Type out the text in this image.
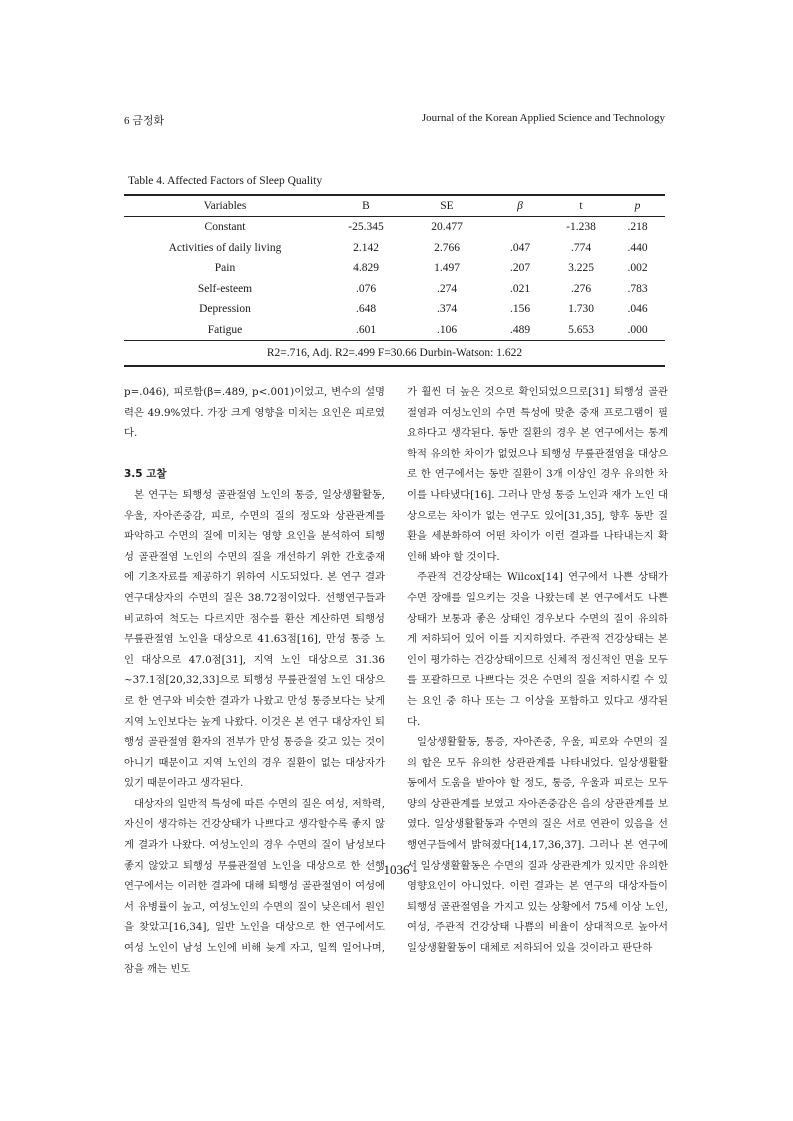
6 금정화	Journal of the Korean Applied Science and Technology
Table 4. Affected Factors of Sleep Quality
Variables	B	SE	β	t	p
Constant	-25.345	20.477		-1.238	.218
Activities of daily living	2.142	2.766	.047	.774	.440
Pain	4.829	1.497	.207	3.225	.002
Self-esteem	.076	.274	.021	.276	.783
Depression	.648	.374	.156	1.730	.046
Fatigue	.601	.106	.489	5.653	.000
R2=.716, Adj. R2=.499 F=30.66 Durbin-Watson: 1.622					

p=.046), 피로함(β=.489, p<.001)이었고, 변수의 설명력은 49.9%였다. 가장 크게 영향을 미치는 요인은 피로였다.

3.5 고찰

본 연구는 퇴행성 골관절염 노인의 통증, 일상생활활동, 우울, 자아존중감, 피로, 수면의 질의 정도와 상관관계를 파악하고 수면의 질에 미치는 영향 요인을 분석하여 퇴행성 골관절염 노인의 수면의 질을 개선하기 위한 간호중재에 기초자료를 제공하기 위하여 시도되었다. 본 연구 결과 연구대상자의 수면의 질은 38.72점이었다. 선행연구들과 비교하여 척도는 다르지만 점수를 환산 계산하면 퇴행성 무릎관절염 노인을 대상으로 41.63점[16], 만성 통증 노인 대상으로 47.0점[31], 지역 노인 대상으로 31.36 ~37.1점[20,32,33]으로 퇴행성 무릎관절염 노인 대상으로 한 연구와 비슷한 결과가 나왔고 만성 통증보다는 낮게 지역 노인보다는 높게 나왔다. 이것은 본 연구 대상자인 퇴행성 골관절염 환자의 전부가 만성 통증을 갖고 있는 것이 아니기 때문이고 지역 노인의 경우 질환이 없는 대상자가 있기 때문이라고 생각된다.

대상자의 일반적 특성에 따른 수면의 질은 여성, 저학력, 자신이 생각하는 건강상태가 나쁘다고 생각할수록 좋지 않게 결과가 나왔다. 여성노인의 경우 수면의 질이 남성보다 좋지 않았고 퇴행성 무릎관절염 노인을 대상으로 한 선행연구에서는 이러한 결과에 대해 퇴행성 골관절염이 여성에서 유병률이 높고, 여성노인의 수면의 질이 낮은데서 원인을 찾았고[16,34], 일반 노인을 대상으로 한 연구에서도 여성 노인이 남성 노인에 비해 늦게 자고, 일찍 일어나며, 잠을 깨는 빈도

가 훨씬 더 높은 것으로 확인되었으므로[31] 퇴행성 골관절염과 여성노인의 수면 특성에 맞춘 중재 프로그램이 필요하다고 생각된다. 동반 질환의 경우 본 연구에서는 통계학적 유의한 차이가 없었으나 퇴행성 무릎관절염을 대상으로 한 연구에서는 동반 질환이 3개 이상인 경우 유의한 차이를 나타냈다[16]. 그러나 만성 통증 노인과 재가 노인 대상으로는 차이가 없는 연구도 있어[31,35], 향후 동반 질환을 세분화하여 어떤 차이가 이런 결과를 나타내는지 확인해 봐야 할 것이다.

주관적 건강상태는 Wilcox[14] 연구에서 나쁜 상태가 수면 장애를 일으키는 것을 나왔는데 본 연구에서도 나쁜 상태가 보통과 좋은 상태인 경우보다 수면의 질이 유의하게 저하되어 있어 이를 지지하였다. 주관적 건강상태는 본인이 평가하는 건강상태이므로 신체적 정신적인 면을 모두를 포괄하므로 나쁘다는 것은 수면의 질을 저하시킬 수 있는 요인 중 하나 또는 그 이상을 포함하고 있다고 생각된다.

일상생활활동, 통증, 자아존중, 우울, 피로와 수면의 질의 합은 모두 유의한 상관관계를 나타내었다. 일상생활활동에서 도움을 받아야 할 정도, 통증, 우울과 피로는 모두 양의 상관관계를 보였고 자아존중감은 음의 상관관계를 보였다. 일상생활활동과 수면의 질은 서로 연관이 있음을 선행연구들에서 밝혀졌다[14,17,36,37]. 그러나 본 연구에서 일상생활활동은 수면의 질과 상관관계가 있지만 유의한 영향요인이 아니었다. 이런 결과는 본 연구의 대상자들이 퇴행성 골관절염을 가지고 있는 상황에서 75세 이상 노인, 여성, 주관적 건강상태 나쁨의 비율이 상대적으로 높아서 일상생활활동이 대체로 저하되어 있을 것이라고 판단하

- 1036 -
